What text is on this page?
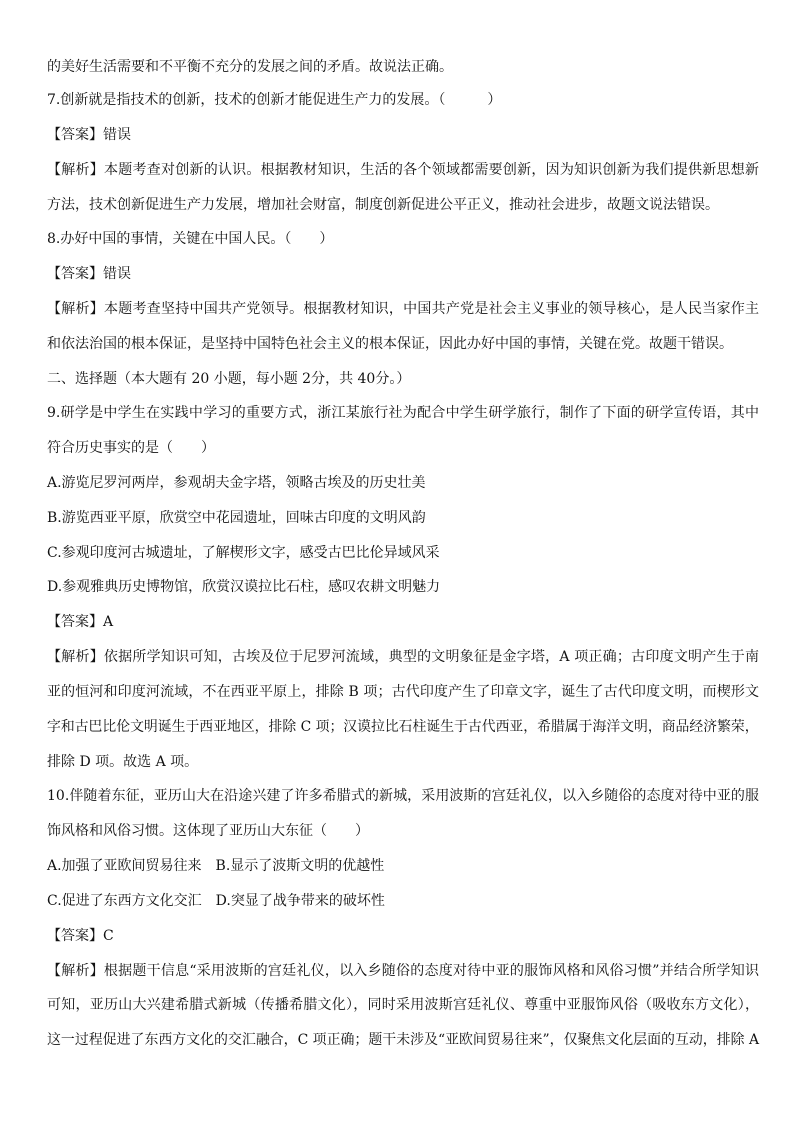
的美好生活需要和不平衡不充分的发展之间的矛盾。故说法正确。
7.创新就是指技术的创新，技术的创新才能促进生产力的发展。（　　　）
【答案】错误
【解析】本题考查对创新的认识。根据教材知识，生活的各个领域都需要创新，因为知识创新为我们提供新思想新
方法，技术创新促进生产力发展，增加社会财富，制度创新促进公平正义，推动社会进步，故题文说法错误。
8.办好中国的事情，关键在中国人民。（　　）
【答案】错误
【解析】本题考查坚持中国共产党领导。根据教材知识，中国共产党是社会主义事业的领导核心，是人民当家作主
和依法治国的根本保证，是坚持中国特色社会主义的根本保证，因此办好中国的事情，关键在党。故题干错误。
二、选择题（本大题有 20 小题，每小题 2分，共 40分。）
9.研学是中学生在实践中学习的重要方式，浙江某旅行社为配合中学生研学旅行，制作了下面的研学宣传语，其中
符合历史事实的是（　　）
A.游览尼罗河两岸，参观胡夫金字塔，领略古埃及的历史壮美
B.游览西亚平原，欣赏空中花园遗址，回味古印度的文明风韵
C.参观印度河古城遗址，了解楔形文字，感受古巴比伦异域风采
D.参观雅典历史博物馆，欣赏汉谟拉比石柱，感叹农耕文明魅力
【答案】A
【解析】依据所学知识可知，古埃及位于尼罗河流域，典型的文明象征是金字塔，A 项正确；古印度文明产生于南
亚的恒河和印度河流域，不在西亚平原上，排除 B 项；古代印度产生了印章文字，诞生了古代印度文明，而楔形文
字和古巴比伦文明诞生于西亚地区，排除 C 项；汉谟拉比石柱诞生于古代西亚，希腊属于海洋文明，商品经济繁荣，
排除 D 项。故选 A 项。
10.伴随着东征，亚历山大在沿途兴建了许多希腊式的新城，采用波斯的宫廷礼仪，以入乡随俗的态度对待中亚的服
饰风格和风俗习惯。这体现了亚历山大东征（　　）
A.加强了亚欧间贸易往来　B.显示了波斯文明的优越性
C.促进了东西方文化交汇　D.突显了战争带来的破坏性
【答案】C
【解析】根据题干信息“采用波斯的宫廷礼仪，以入乡随俗的态度对待中亚的服饰风格和风俗习惯”并结合所学知识
可知，亚历山大兴建希腊式新城（传播希腊文化），同时采用波斯宫廷礼仪、尊重中亚服饰风俗（吸收东方文化），
这一过程促进了东西方文化的交汇融合，C 项正确；题干未涉及“亚欧间贸易往来”，仅聚焦文化层面的互动，排除 A
